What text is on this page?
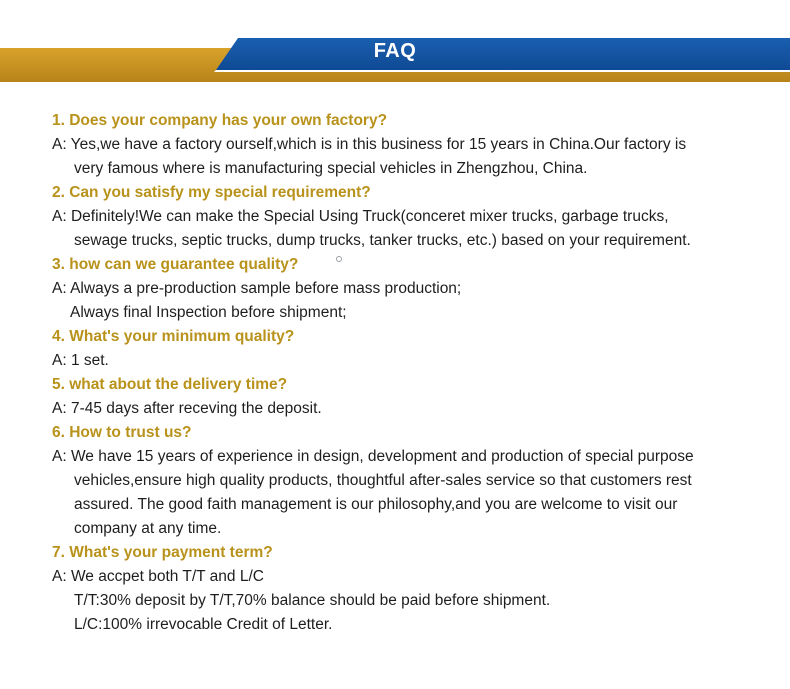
FAQ
1. Does your company has your own factory?
A: Yes,we have a factory ourself,which is in this business for 15 years in China.Our factory is
very famous where is manufacturing special vehicles in Zhengzhou, China.
2. Can you satisfy my special requirement?
A: Definitely!We can make the Special Using Truck(conceret mixer trucks, garbage trucks,
sewage trucks, septic trucks, dump trucks, tanker trucks, etc.) based on your requirement.
3. how can we guarantee quality?
A: Always a pre-production sample before mass production;
Always final Inspection before shipment;
4. What's your minimum quality?
A: 1 set.
5. what about the delivery time?
A: 7-45 days after receving the deposit.
6. How to trust us?
A: We have 15 years of experience in design, development and production of special purpose
vehicles,ensure high quality products, thoughtful after-sales service so that customers rest
assured. The good faith management is our philosophy,and you are welcome to visit our
company at any time.
7. What's your payment term?
A: We accpet both T/T and L/C
T/T:30% deposit by T/T,70% balance should be paid before shipment.
L/C:100% irrevocable Credit of Letter.
